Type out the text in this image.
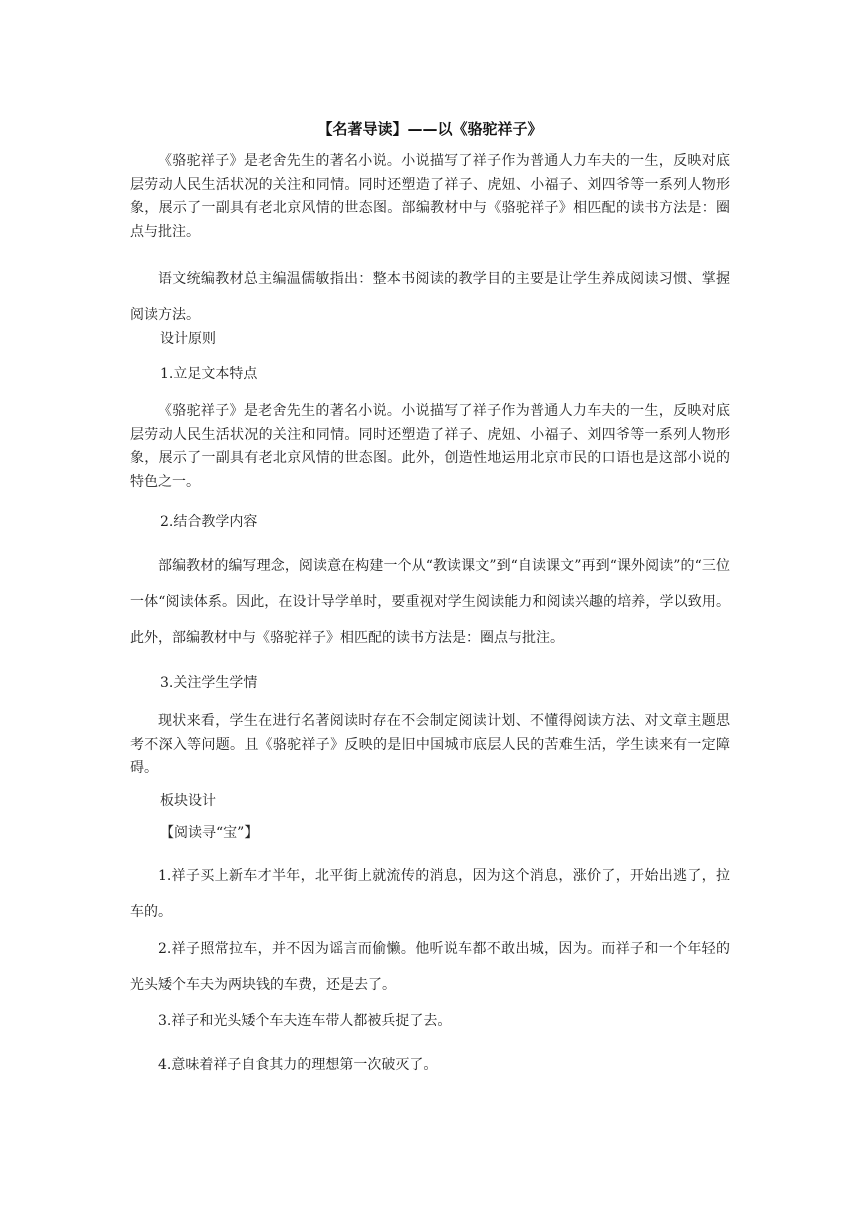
【名著导读】——以《骆驼祥子》
《骆驼祥子》是老舍先生的著名小说。小说描写了祥子作为普通人力车夫的一生，反映对底层劳动人民生活状况的关注和同情。同时还塑造了祥子、虎妞、小福子、刘四爷等一系列人物形象，展示了一副具有老北京风情的世态图。部编教材中与《骆驼祥子》相匹配的读书方法是：圈点与批注。
语文统编教材总主编温儒敏指出：整本书阅读的教学目的主要是让学生养成阅读习惯、掌握阅读方法。
设计原则
1.立足文本特点
《骆驼祥子》是老舍先生的著名小说。小说描写了祥子作为普通人力车夫的一生，反映对底层劳动人民生活状况的关注和同情。同时还塑造了祥子、虎妞、小福子、刘四爷等一系列人物形象，展示了一副具有老北京风情的世态图。此外，创造性地运用北京市民的口语也是这部小说的特色之一。
2.结合教学内容
部编教材的编写理念，阅读意在构建一个从“教读课文”到“自读课文”再到“课外阅读”的“三位一体“阅读体系。因此，在设计导学单时，要重视对学生阅读能力和阅读兴趣的培养，学以致用。此外，部编教材中与《骆驼祥子》相匹配的读书方法是：圈点与批注。
3.关注学生学情
现状来看，学生在进行名著阅读时存在不会制定阅读计划、不懂得阅读方法、对文章主题思考不深入等问题。且《骆驼祥子》反映的是旧中国城市底层人民的苦难生活，学生读来有一定障碍。
板块设计
【阅读寻“宝”】
1.祥子买上新车才半年，北平街上就流传的消息，因为这个消息，涨价了，开始出逃了，拉车的。
2.祥子照常拉车，并不因为谣言而偷懒。他听说车都不敢出城，因为。而祥子和一个年轻的光头矮个车夫为两块钱的车费，还是去了。
3.祥子和光头矮个车夫连车带人都被兵捉了去。
4.意味着祥子自食其力的理想第一次破灭了。
